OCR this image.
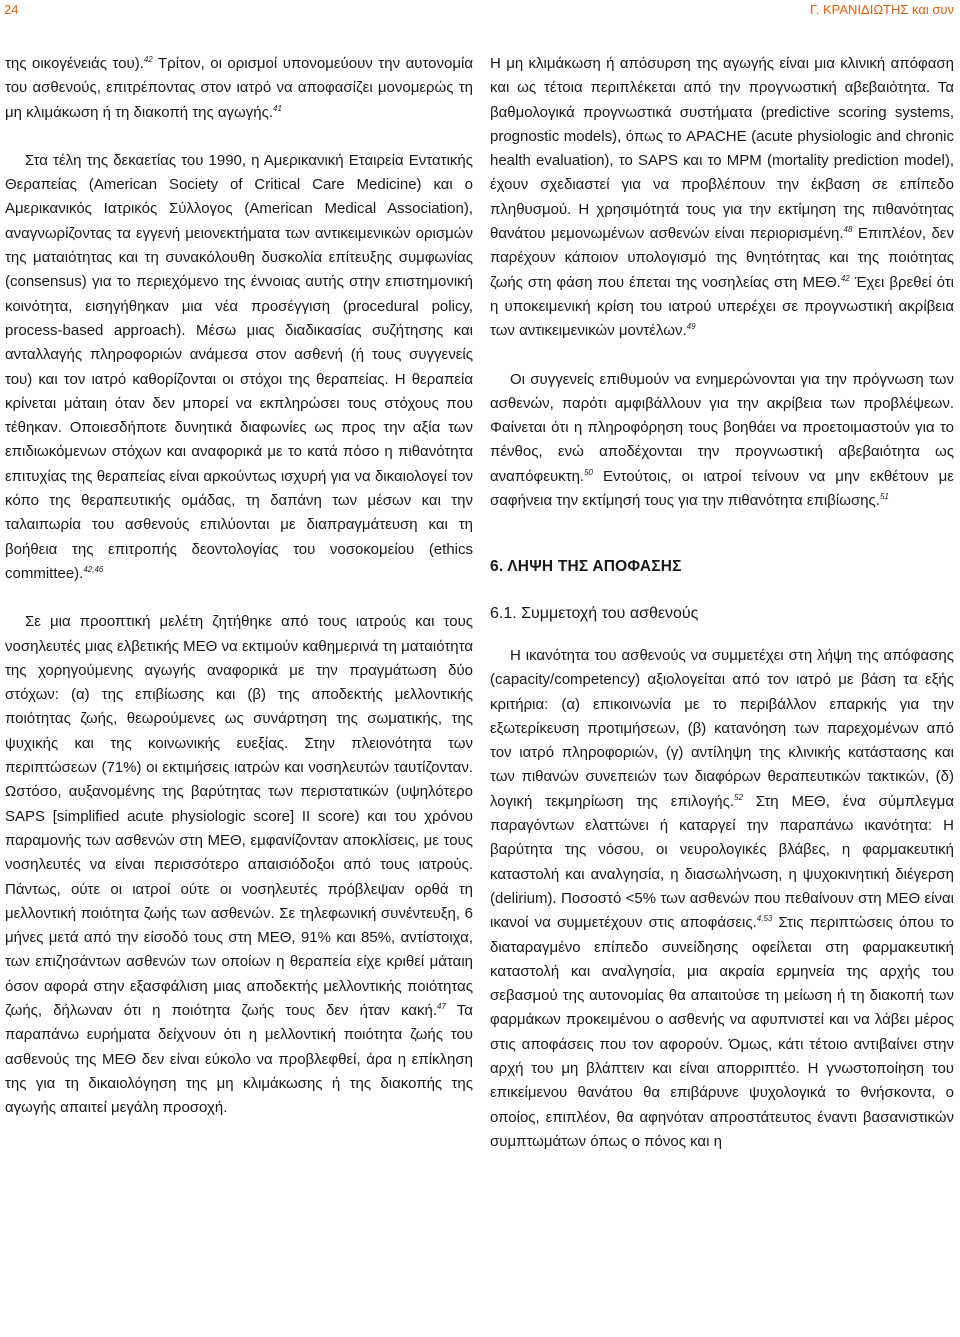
24	Γ. ΚΡΑΝΙΔΙΩΤΗΣ και συν

της οικογένειάς του).$^{42}$ Τρίτον, οι ορισμοί υπονομεύουν την αυτονομία του ασθενούς, επιτρέποντας στον ιατρό να αποφασίζει μονομερώς τη μη κλιμάκωση ή τη διακοπή της αγωγής.$^{41}$

Στα τέλη της δεκαετίας του 1990, η Αμερικανική Εταιρεία Εντατικής Θεραπείας (American Society of Critical Care Medicine) και ο Αμερικανικός Ιατρικός Σύλλογος (American Medical Association), αναγνωρίζοντας τα εγγενή μειονεκτήματα των αντικειμενικών ορισμών της ματαιότητας και τη συνακόλουθη δυσκολία επίτευξης συμφωνίας (consensus) για το περιεχόμενο της έννοιας αυτής στην επιστημονική κοινότητα, εισηγήθηκαν μια νέα προσέγγιση (procedural policy, process-based approach). Μέσω μιας διαδικασίας συζήτησης και ανταλλαγής πληροφοριών ανάμεσα στον ασθενή (ή τους συγγενείς του) και τον ιατρό καθορίζονται οι στόχοι της θεραπείας. Η θεραπεία κρίνεται μάταιη όταν δεν μπορεί να εκπληρώσει τους στόχους που τέθηκαν. Οποιεσδήποτε δυνητικά διαφωνίες ως προς την αξία των επιδιωκόμενων στόχων και αναφορικά με το κατά πόσο η πιθανότητα επιτυχίας της θεραπείας είναι αρκούντως ισχυρή για να δικαιολογεί τον κόπο της θεραπευτικής ομάδας, τη δαπάνη των μέσων και την ταλαιπωρία του ασθενούς επιλύονται με διαπραγμάτευση και τη βοήθεια της επιτροπής δεοντολογίας του νοσοκομείου (ethics committee).$^{42,46}$

Σε μια προοπτική μελέτη ζητήθηκε από τους ιατρούς και τους νοσηλευτές μιας ελβετικής ΜΕΘ να εκτιμούν καθημερινά τη ματαιότητα της χορηγούμενης αγωγής αναφορικά με την πραγμάτωση δύο στόχων: (α) της επιβίωσης και (β) της αποδεκτής μελλοντικής ποιότητας ζωής, θεωρούμενες ως συνάρτηση της σωματικής, της ψυχικής και της κοινωνικής ευεξίας. Στην πλειονότητα των περιπτώσεων (71%) οι εκτιμήσεις ιατρών και νοσηλευτών ταυτίζονταν. Ωστόσο, αυξανομένης της βαρύτητας των περιστατικών (υψηλότερο SAPS [simplified acute physiologic score] II score) και του χρόνου παραμονής των ασθενών στη ΜΕΘ, εμφανίζονταν αποκλίσεις, με τους νοσηλευτές να είναι περισσότερο απαισιόδοξοι από τους ιατρούς. Πάντως, ούτε οι ιατροί ούτε οι νοσηλευτές πρόβλεψαν ορθά τη μελλοντική ποιότητα ζωής των ασθενών. Σε τηλεφωνική συνέντευξη, 6 μήνες μετά από την είσοδό τους στη ΜΕΘ, 91% και 85%, αντίστοιχα, των επιζησάντων ασθενών των οποίων η θεραπεία είχε κριθεί μάταιη όσον αφορά στην εξασφάλιση μιας αποδεκτής μελλοντικής ποιότητας ζωής, δήλωναν ότι η ποιότητα ζωής τους δεν ήταν κακή.$^{47}$ Τα παραπάνω ευρήματα δείχνουν ότι η μελλοντική ποιότητα ζωής του ασθενούς της ΜΕΘ δεν είναι εύκολο να προβλεφθεί, άρα η επίκληση της για τη δικαιολόγηση της μη κλιμάκωσης ή της διακοπής της αγωγής απαιτεί μεγάλη προσοχή.

Η μη κλιμάκωση ή απόσυρση της αγωγής είναι μια κλινική απόφαση και ως τέτοια περιπλέκεται από την προγνωστική αβεβαιότητα. Τα βαθμολογικά προγνωστικά συστήματα (predictive scoring systems, prognostic models), όπως το APACHE (acute physiologic and chronic health evaluation), το SAPS και το MPM (mortality prediction model), έχουν σχεδιαστεί για να προβλέπουν την έκβαση σε επίπεδο πληθυσμού. Η χρησιμότητά τους για την εκτίμηση της πιθανότητας θανάτου μεμονωμένων ασθενών είναι περιορισμένη.$^{48}$ Επιπλέον, δεν παρέχουν κάποιον υπολογισμό της θνητότητας και της ποιότητας ζωής στη φάση που έπεται της νοσηλείας στη ΜΕΘ.$^{42}$ Έχει βρεθεί ότι η υποκειμενική κρίση του ιατρού υπερέχει σε προγνωστική ακρίβεια των αντικειμενικών μοντέλων.$^{49}$

Οι συγγενείς επιθυμούν να ενημερώνονται για την πρόγνωση των ασθενών, παρότι αμφιβάλλουν για την ακρίβεια των προβλέψεων. Φαίνεται ότι η πληροφόρηση τους βοηθάει να προετοιμαστούν για το πένθος, ενώ αποδέχονται την προγνωστική αβεβαιότητα ως αναπόφευκτη.$^{50}$ Εντούτοις, οι ιατροί τείνουν να μην εκθέτουν με σαφήνεια την εκτίμησή τους για την πιθανότητα επιβίωσης.$^{51}$

6. ΛΗΨΗ ΤΗΣ ΑΠΟΦΑΣΗΣ
6.1. Συμμετοχή του ασθενούς

Η ικανότητα του ασθενούς να συμμετέχει στη λήψη της απόφασης (capacity/competency) αξιολογείται από τον ιατρό με βάση τα εξής κριτήρια: (α) επικοινωνία με το περιβάλλον επαρκής για την εξωτερίκευση προτιμήσεων, (β) κατανόηση των παρεχομένων από τον ιατρό πληροφοριών, (γ) αντίληψη της κλινικής κατάστασης και των πιθανών συνεπειών των διαφόρων θεραπευτικών τακτικών, (δ) λογική τεκμηρίωση της επιλογής.$^{52}$ Στη ΜΕΘ, ένα σύμπλεγμα παραγόντων ελαττώνει ή καταργεί την παραπάνω ικανότητα: Η βαρύτητα της νόσου, οι νευρολογικές βλάβες, η φαρμακευτική καταστολή και αναλγησία, η διασωλήνωση, η ψυχοκινητική διέγερση (delirium). Ποσοστό <5% των ασθενών που πεθαίνουν στη ΜΕΘ είναι ικανοί να συμμετέχουν στις αποφάσεις.$^{4,53}$ Στις περιπτώσεις όπου το διαταραγμένο επίπεδο συνείδησης οφείλεται στη φαρμακευτική καταστολή και αναλγησία, μια ακραία ερμηνεία της αρχής του σεβασμού της αυτονομίας θα απαιτούσε τη μείωση ή τη διακοπή των φαρμάκων προκειμένου ο ασθενής να αφυπνιστεί και να λάβει μέρος στις αποφάσεις που τον αφορούν. Όμως, κάτι τέτοιο αντιβαίνει στην αρχή του μη βλάπτειν και είναι απορριπτέο. Η γνωστοποίηση του επικείμενου θανάτου θα επιβάρυνε ψυχολογικά το θνήσκοντα, ο οποίος, επιπλέον, θα αφηνόταν απροστάτευτος έναντι βασανιστικών συμπτωμάτων όπως ο πόνος και η
